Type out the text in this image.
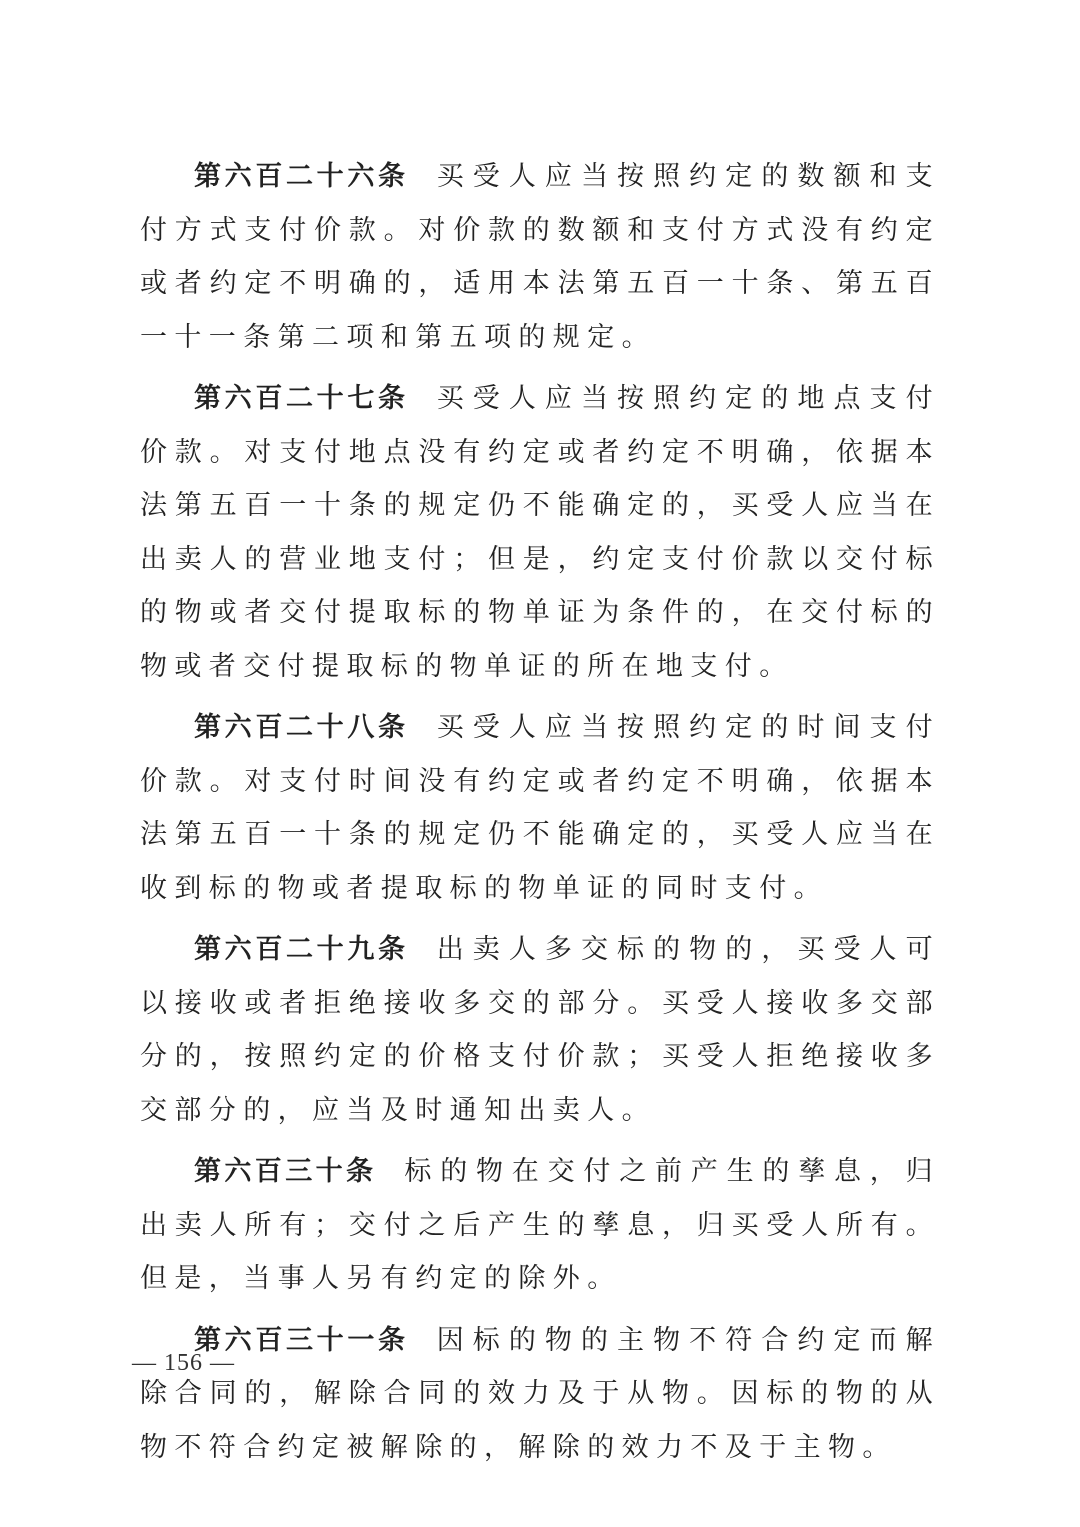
第六百二十六条 买受人应当按照约定的数额和支付方式支付价款。对价款的数额和支付方式没有约定或者约定不明确的，适用本法第五百一十条、第五百一十一条第二项和第五项的规定。

第六百二十七条 买受人应当按照约定的地点支付价款。对支付地点没有约定或者约定不明确，依据本法第五百一十条的规定仍不能确定的，买受人应当在出卖人的营业地支付；但是，约定支付价款以交付标的物或者交付提取标的物单证为条件的，在交付标的物或者交付提取标的物单证的所在地支付。

第六百二十八条 买受人应当按照约定的时间支付价款。对支付时间没有约定或者约定不明确，依据本法第五百一十条的规定仍不能确定的，买受人应当在收到标的物或者提取标的物单证的同时支付。

第六百二十九条 出卖人多交标的物的，买受人可以接收或者拒绝接收多交的部分。买受人接收多交部分的，按照约定的价格支付价款；买受人拒绝接收多交部分的，应当及时通知出卖人。

第六百三十条 标的物在交付之前产生的孳息，归出卖人所有；交付之后产生的孳息，归买受人所有。但是，当事人另有约定的除外。

第六百三十一条 因标的物的主物不符合约定而解除合同的，解除合同的效力及于从物。因标的物的从物不符合约定被解除的，解除的效力不及于主物。

— 156 —
